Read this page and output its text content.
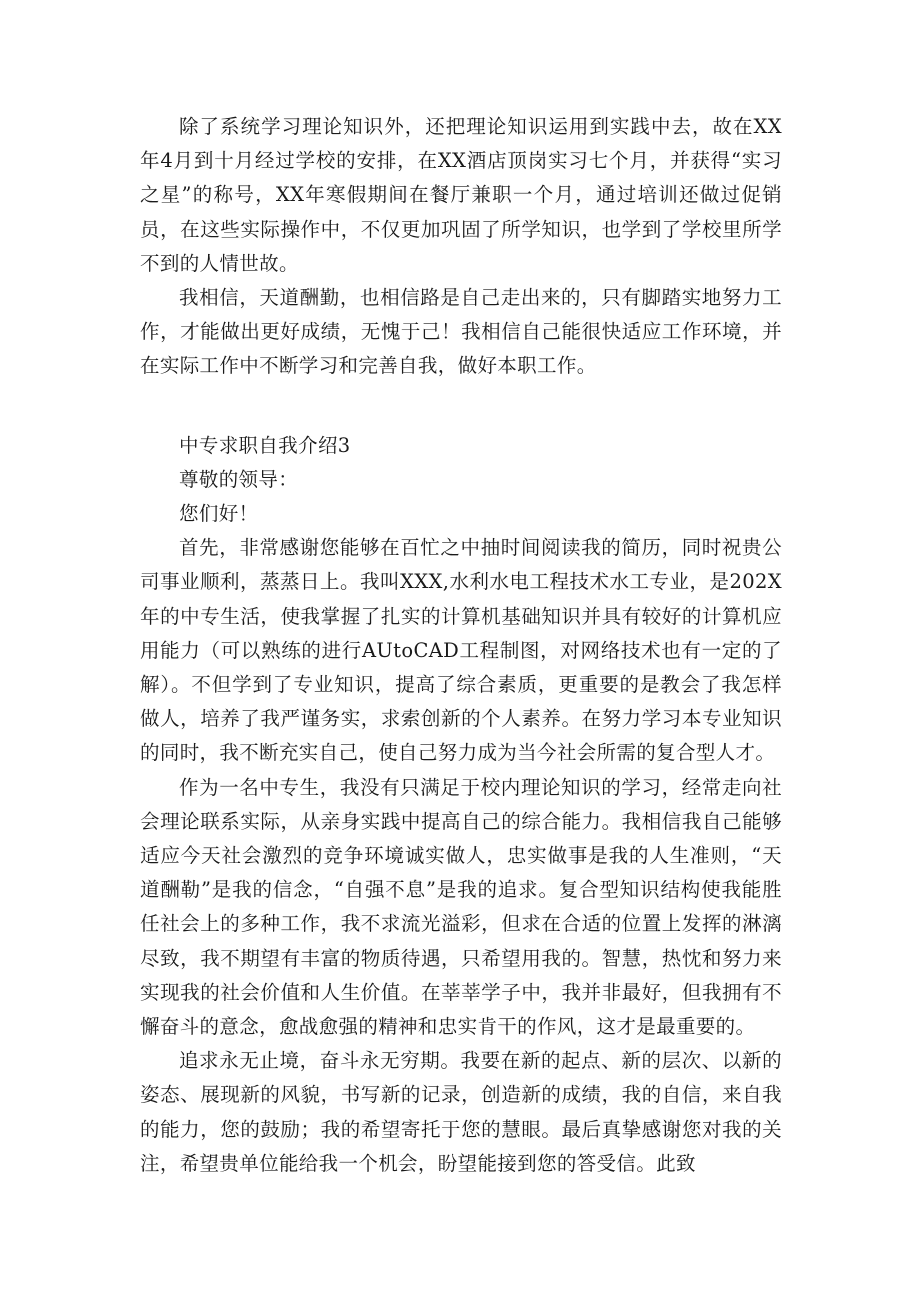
除了系统学习理论知识外，还把理论知识运用到实践中去，故在XX年4月到十月经过学校的安排，在XX酒店顶岗实习七个月，并获得“实习之星”的称号，XX年寒假期间在餐厅兼职一个月，通过培训还做过促销员，在这些实际操作中，不仅更加巩固了所学知识，也学到了学校里所学不到的人情世故。

我相信，天道酬勤，也相信路是自己走出来的，只有脚踏实地努力工作，才能做出更好成绩，无愧于己！我相信自己能很快适应工作环境，并在实际工作中不断学习和完善自我，做好本职工作。

中专求职自我介绍3

尊敬的领导：

您们好！

首先，非常感谢您能够在百忙之中抽时间阅读我的简历，同时祝贵公司事业顺利，蒸蒸日上。我叫XXX,水利水电工程技术水工专业，是202X年的中专生活，使我掌握了扎实的计算机基础知识并具有较好的计算机应用能力（可以熟练的进行AUtoCAD工程制图，对网络技术也有一定的了解）。不但学到了专业知识，提高了综合素质，更重要的是教会了我怎样做人，培养了我严谨务实，求索创新的个人素养。在努力学习本专业知识的同时，我不断充实自己，使自己努力成为当今社会所需的复合型人才。

作为一名中专生，我没有只满足于校内理论知识的学习，经常走向社会理论联系实际，从亲身实践中提高自己的综合能力。我相信我自己能够适应今天社会激烈的竞争环境诚实做人，忠实做事是我的人生准则，“天道酬勒”是我的信念，“自强不息”是我的追求。复合型知识结构使我能胜任社会上的多种工作，我不求流光溢彩，但求在合适的位置上发挥的淋漓尽致，我不期望有丰富的物质待遇，只希望用我的。智慧，热忱和努力来实现我的社会价值和人生价值。在莘莘学子中，我并非最好，但我拥有不懈奋斗的意念，愈战愈强的精神和忠实肯干的作风，这才是最重要的。

追求永无止境，奋斗永无穷期。我要在新的起点、新的层次、以新的姿态、展现新的风貌，书写新的记录，创造新的成绩，我的自信，来自我的能力，您的鼓励；我的希望寄托于您的慧眼。最后真挚感谢您对我的关注，希望贵单位能给我一个机会，盼望能接到您的答受信。此致
